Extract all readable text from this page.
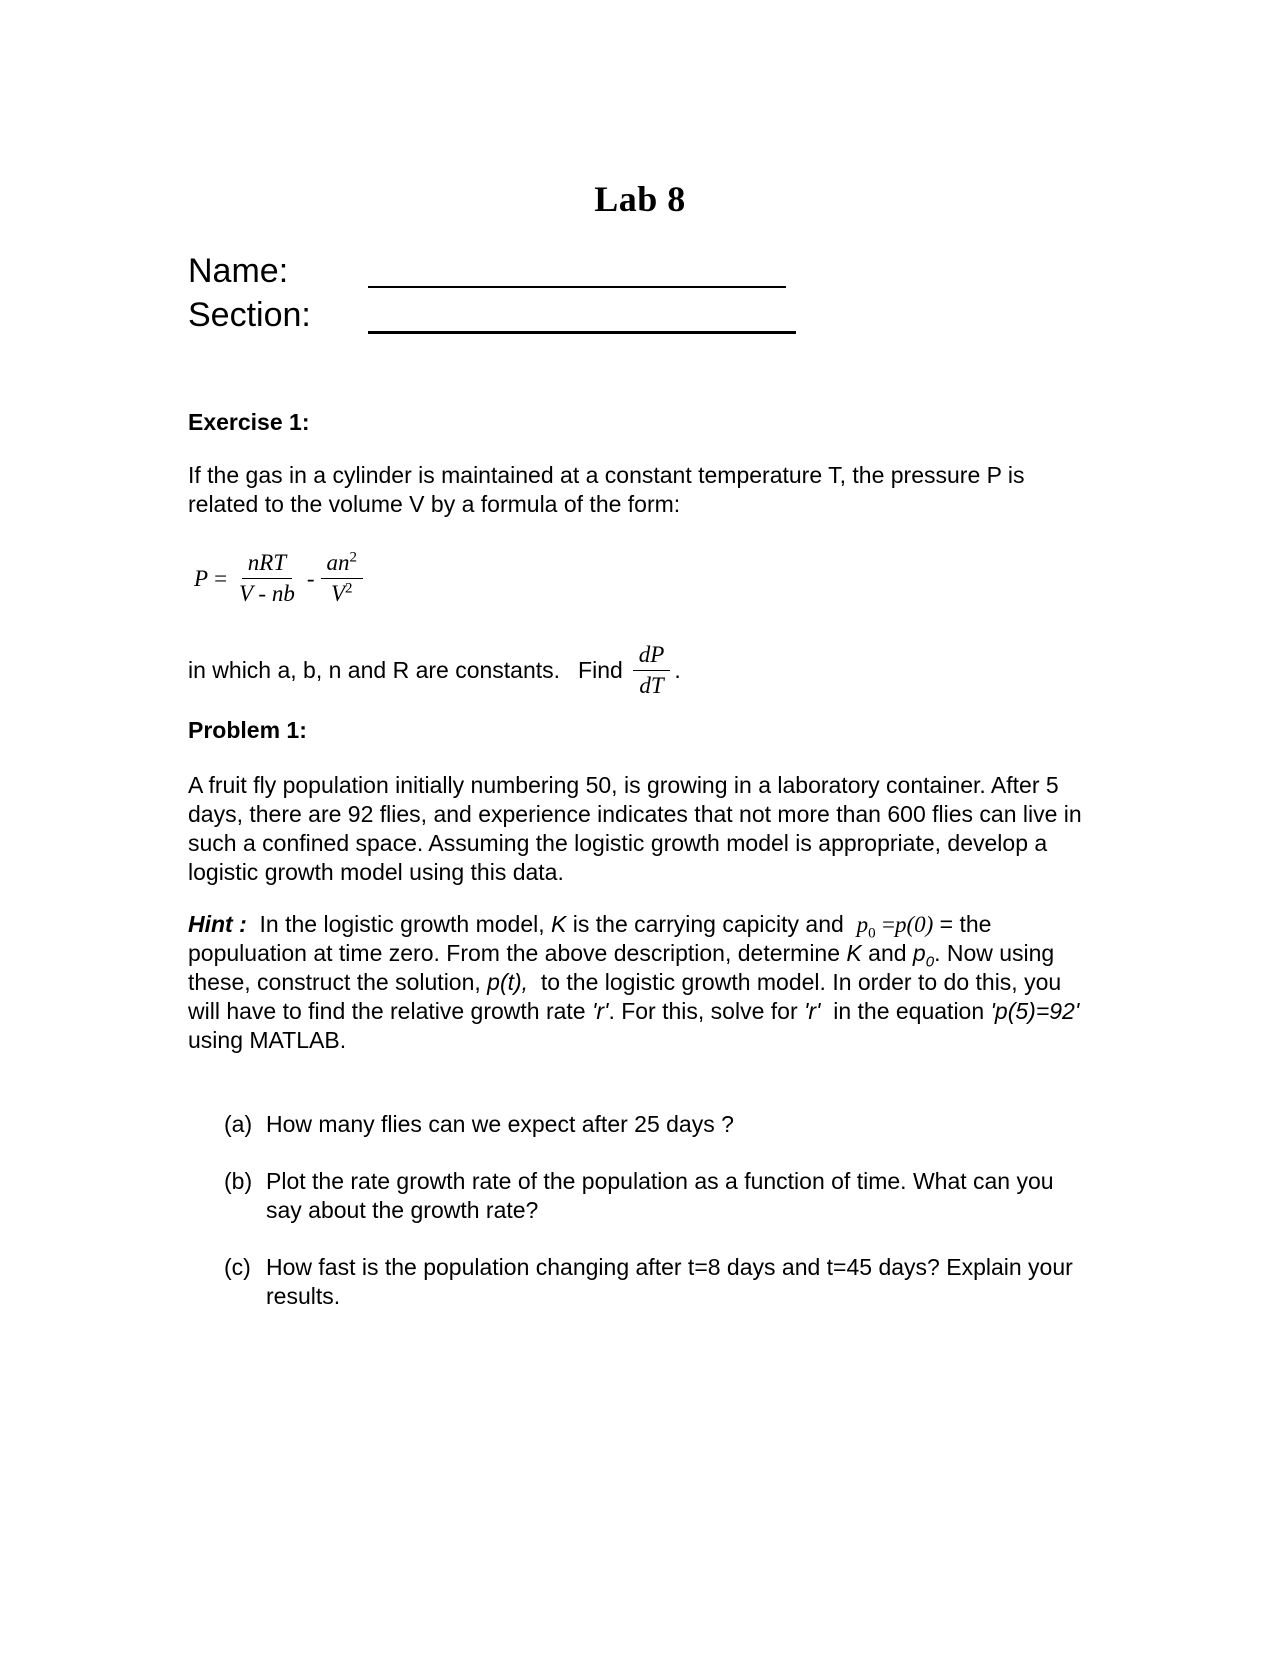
Lab 8
Name:
Section:
Exercise 1:
If the gas in a cylinder is maintained at a constant temperature T, the pressure P is related to the volume V by a formula of the form:
$P = \frac{\text{nRT}}{V - nb} - \frac{an^2}{V^2}$
in which a, b, n and R are constants. Find $\frac{dP}{dT}$ .
Problem 1:
A fruit fly population initially numbering 50, is growing in a laboratory container. After 5 days, there are 92 flies, and experience indicates that not more than 600 flies can live in such a confined space. Assuming the logistic growth model is appropriate, develop a logistic growth model using this data.
Hint : In the logistic growth model, K is the carrying capicity and $p_0 =p(0)$ = the populuation at time zero. From the above description, determine K and $p_0$. Now using these, construct the solution, p(t), to the logistic growth model. In order to do this, you will have to find the relative growth rate 'r'. For this, solve for 'r' in the equation 'p(5)=92' using MATLAB.
(a) How many flies can we expect after 25 days ?
(b) Plot the rate growth rate of the population as a function of time. What can you say about the growth rate?
(c) How fast is the population changing after t=8 days and t=45 days? Explain your results.
